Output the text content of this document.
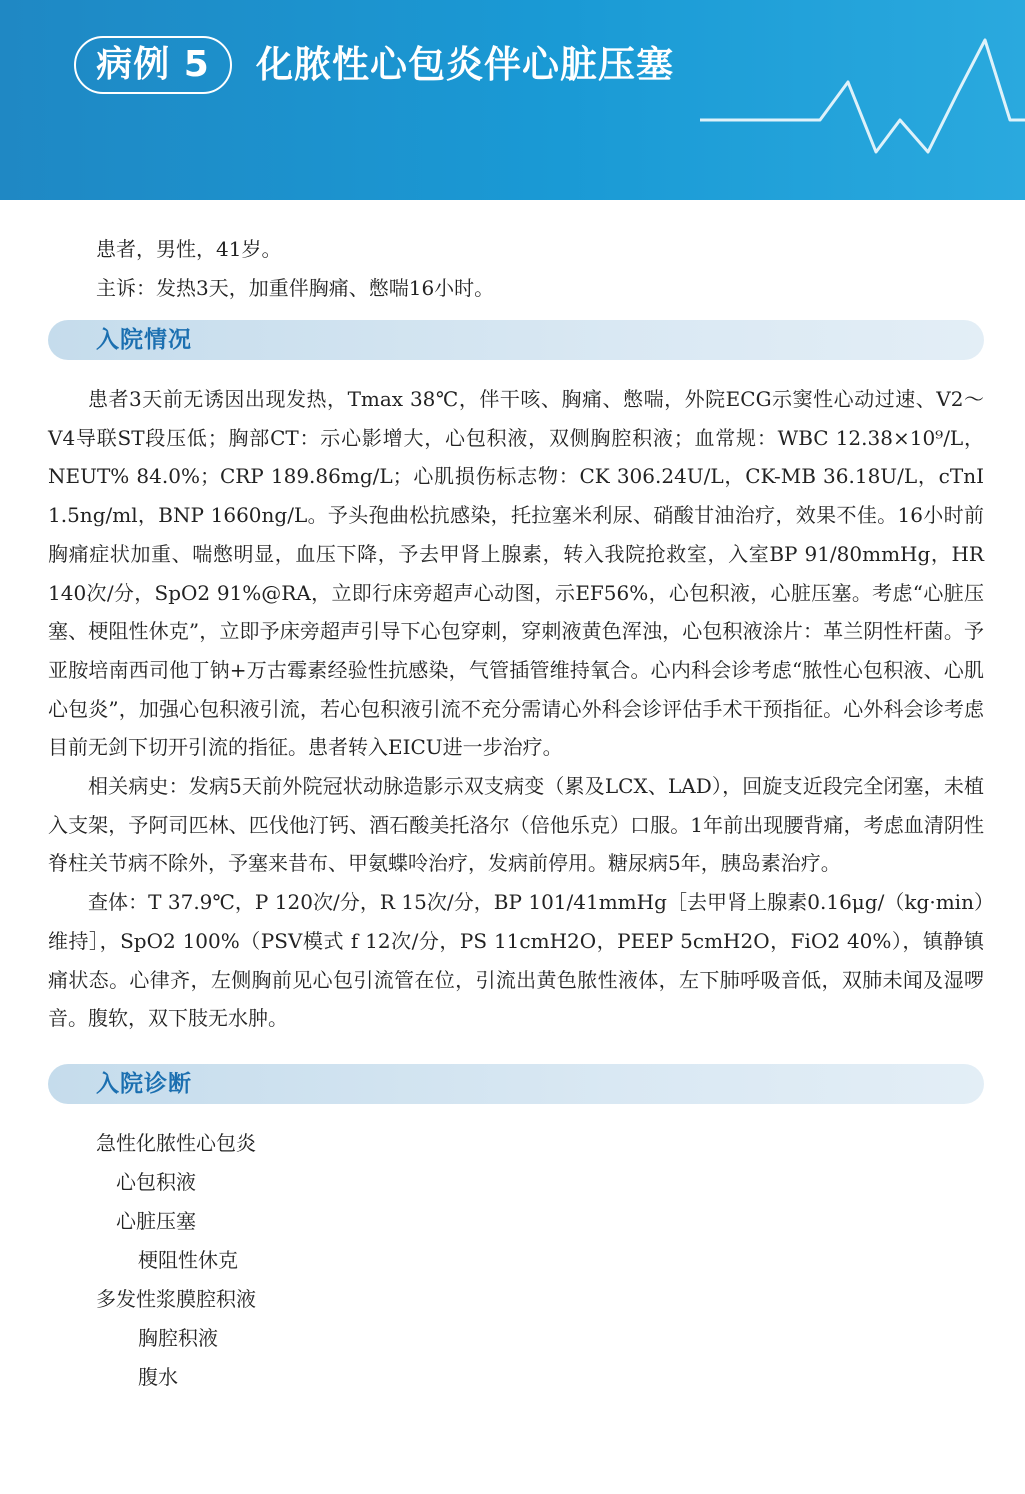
病例 5	化脓性心包炎伴心脏压塞
患者，男性，41岁。
主诉：发热3天，加重伴胸痛、憋喘16小时。
入院情况

患者3天前无诱因出现发热，Tmax 38℃，伴干咳、胸痛、憋喘，外院ECG示窦性心动过速、V2～V4导联ST段压低；胸部CT：示心影增大，心包积液，双侧胸腔积液；血常规：WBC 12.38×10⁹/L，NEUT% 84.0%；CRP 189.86mg/L；心肌损伤标志物：CK 306.24U/L，CK-MB 36.18U/L，cTnI 1.5ng/ml，BNP 1660ng/L。予头孢曲松抗感染，托拉塞米利尿、硝酸甘油治疗，效果不佳。16小时前胸痛症状加重、喘憋明显，血压下降，予去甲肾上腺素，转入我院抢救室，入室BP 91/80mmHg，HR 140次/分，SpO2 91%@RA，立即行床旁超声心动图，示EF56%，心包积液，心脏压塞。考虑“心脏压塞、梗阻性休克”，立即予床旁超声引导下心包穿刺，穿刺液黄色浑浊，心包积液涂片：革兰阴性杆菌。予亚胺培南西司他丁钠+万古霉素经验性抗感染，气管插管维持氧合。心内科会诊考虑“脓性心包积液、心肌心包炎”，加强心包积液引流，若心包积液引流不充分需请心外科会诊评估手术干预指征。心外科会诊考虑目前无剑下切开引流的指征。患者转入EICU进一步治疗。

相关病史：发病5天前外院冠状动脉造影示双支病变（累及LCX、LAD），回旋支近段完全闭塞，未植入支架，予阿司匹林、匹伐他汀钙、酒石酸美托洛尔（倍他乐克）口服。1年前出现腰背痛，考虑血清阴性脊柱关节病不除外，予塞来昔布、甲氨蝶呤治疗，发病前停用。糖尿病5年，胰岛素治疗。

查体：T 37.9℃，P 120次/分，R 15次/分，BP 101/41mmHg［去甲肾上腺素0.16μg/（kg·min）维持］，SpO2 100%（PSV模式 f 12次/分，PS 11cmH2O，PEEP 5cmH2O，FiO2 40%），镇静镇痛状态。心律齐，左侧胸前见心包引流管在位，引流出黄色脓性液体，左下肺呼吸音低，双肺未闻及湿啰音。腹软，双下肢无水肿。

入院诊断
急性化脓性心包炎
心包积液
心脏压塞
梗阻性休克
多发性浆膜腔积液
胸腔积液
腹水
